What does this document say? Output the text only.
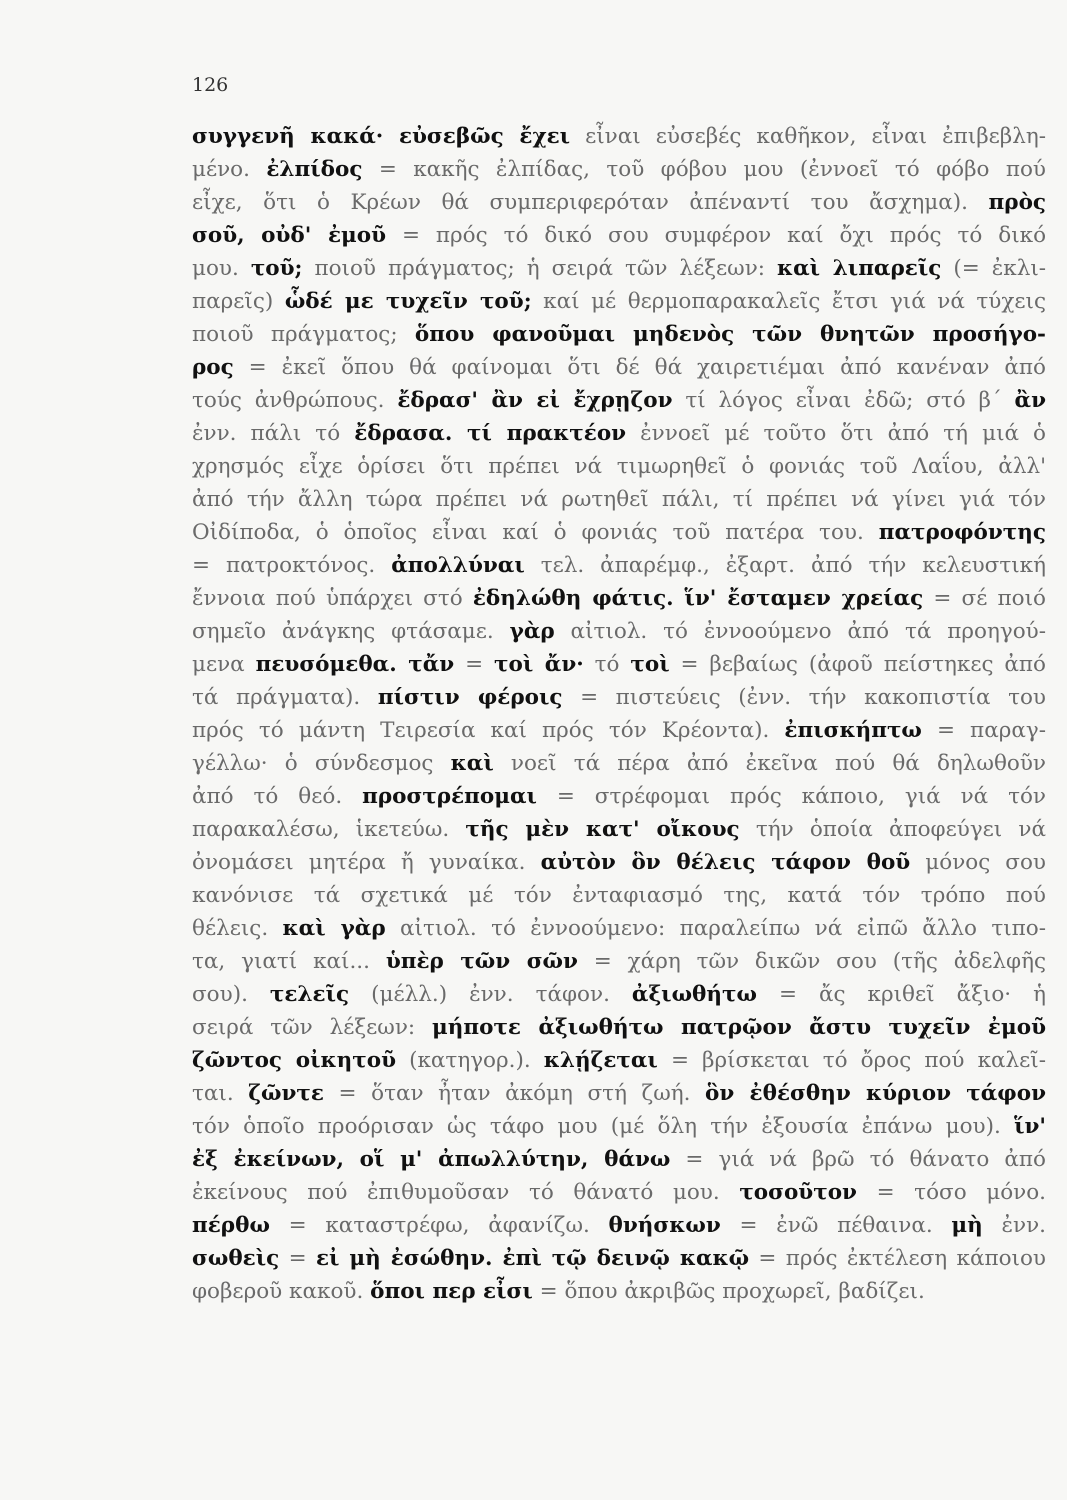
126
συγγενῆ κακά· εὐσεβῶς ἔχει εἶναι εὐσεβές καθῆκον, εἶναι ἐπιβεβλη-
μένο. ἐλπίδος = κακῆς ἐλπίδας, τοῦ φόβου μου (ἐννοεῖ τό φόβο πού
εἶχε, ὅτι ὁ Κρέων θά συμπεριφερόταν ἀπέναντί του ἄσχημα). πρὸς
σοῦ, οὐδ' ἐμοῦ = πρός τό δικό σου συμφέρον καί ὄχι πρός τό δικό
μου. τοῦ; ποιοῦ πράγματος; ἡ σειρά τῶν λέξεων: καὶ λιπαρεῖς (= ἐκλι-
παρεῖς) ὧδέ με τυχεῖν τοῦ; καί μέ θερμοπαρακαλεῖς ἔτσι γιά νά τύχεις
ποιοῦ πράγματος; ὅπου φανοῦμαι μηδενὸς τῶν θνητῶν προσήγο-
ρος = ἐκεῖ ὅπου θά φαίνομαι ὅτι δέ θά χαιρετιέμαι ἀπό κανέναν ἀπό
τούς ἀνθρώπους. ἔδρασ' ἂν εἰ ἔχρῃζον τί λόγος εἶναι ἐδῶ; στό β΄ ἂν
ἐνν. πάλι τό ἔδρασα. τί πρακτέον ἐννοεῖ μέ τοῦτο ὅτι ἀπό τή μιά ὁ
χρησμός εἶχε ὁρίσει ὅτι πρέπει νά τιμωρηθεῖ ὁ φονιάς τοῦ Λαΐου, ἀλλ'
ἀπό τήν ἄλλη τώρα πρέπει νά ρωτηθεῖ πάλι, τί πρέπει νά γίνει γιά τόν
Οἰδίποδα, ὁ ὁποῖος εἶναι καί ὁ φονιάς τοῦ πατέρα του. πατροφόντης
= πατροκτόνος. ἀπολλύναι τελ. ἀπαρέμφ., ἐξαρτ. ἀπό τήν κελευστική
ἔννοια πού ὑπάρχει στό ἐδηλώθη φάτις. ἵν' ἔσταμεν χρείας = σέ ποιό
σημεῖο ἀνάγκης φτάσαμε. γὰρ αἰτιολ. τό ἐννοούμενο ἀπό τά προηγού-
μενα πευσόμεθα. τἄν = τοὶ ἄν· τό τοὶ = βεβαίως (ἀφοῦ πείστηκες ἀπό
τά πράγματα). πίστιν φέροις = πιστεύεις (ἐνν. τήν κακοπιστία του
πρός τό μάντη Τειρεσία καί πρός τόν Κρέοντα). ἐπισκήπτω = παραγ-
γέλλω· ὁ σύνδεσμος καὶ νοεῖ τά πέρα ἀπό ἐκεῖνα πού θά δηλωθοῦν
ἀπό τό θεό. προστρέπομαι = στρέφομαι πρός κάποιο, γιά νά τόν
παρακαλέσω, ἱκετεύω. τῆς μὲν κατ' οἴκους τήν ὁποία ἀποφεύγει νά
ὀνομάσει μητέρα ἤ γυναίκα. αὐτὸν ὃν θέλεις τάφον θοῦ μόνος σου
κανόνισε τά σχετικά μέ τόν ἐνταφιασμό της, κατά τόν τρόπο πού
θέλεις. καὶ γὰρ αἰτιολ. τό ἐννοούμενο: παραλείπω νά εἰπῶ ἄλλο τιπο-
τα, γιατί καί... ὑπὲρ τῶν σῶν = χάρη τῶν δικῶν σου (τῆς ἀδελφῆς
σου). τελεῖς (μέλλ.) ἐνν. τάφον. ἀξιωθήτω = ἄς κριθεῖ ἄξιο· ἡ
σειρά τῶν λέξεων: μήποτε ἀξιωθήτω πατρῷον ἄστυ τυχεῖν ἐμοῦ
ζῶντος οἰκητοῦ (κατηγορ.). κλῄζεται = βρίσκεται τό ὄρος πού καλεῖ-
ται. ζῶντε = ὅταν ἦταν ἀκόμη στή ζωή. ὃν ἐθέσθην κύριον τάφον
τόν ὁποῖο προόρισαν ὡς τάφο μου (μέ ὅλη τήν ἐξουσία ἐπάνω μου). ἵν'
ἐξ ἐκείνων, οἵ μ' ἀπωλλύτην, θάνω = γιά νά βρῶ τό θάνατο ἀπό
ἐκείνους πού ἐπιθυμοῦσαν τό θάνατό μου. τοσοῦτον = τόσο μόνο.
πέρθω = καταστρέφω, ἀφανίζω. θνήσκων = ἐνῶ πέθαινα. μὴ ἐνν.
σωθεὶς = εἰ μὴ ἐσώθην. ἐπὶ τῷ δεινῷ κακῷ = πρός ἐκτέλεση κάποιου
φοβεροῦ κακοῦ. ὅποι περ εἶσι = ὅπου ἀκριβῶς προχωρεῖ, βαδίζει.
